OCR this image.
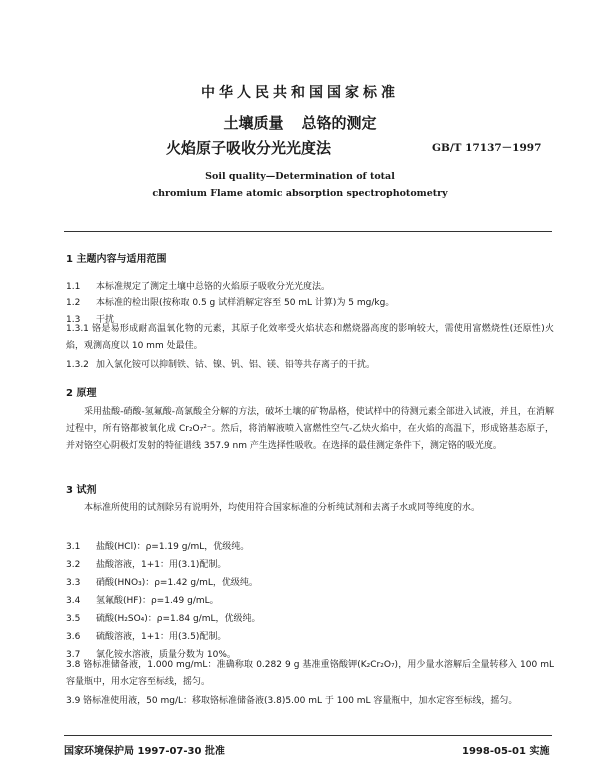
中华人民共和国国家标准
土壤质量 总铬的测定
火焰原子吸收分光光度法	GB/T 17137－1997
Soil quality—Determination of total
chromium Flame atomic absorption spectrophotometry
1 主题内容与适用范围
1.1 本标准规定了测定土壤中总铬的火焰原子吸收分光光度法。
1.2 本标准的检出限(按称取 0.5 g 试样消解定容至 50 mL 计算)为 5 mg/kg。
1.3 干扰
1.3.1 铬是易形成耐高温氧化物的元素，其原子化效率受火焰状态和燃烧器高度的影响较大，需使用富燃烧性(还原性)火焰，观测高度以 10 mm 处最佳。
1.3.2 加入氯化铵可以抑制铁、钴、镍、钒、铝、镁、铅等共存离子的干扰。
2 原理
采用盐酸-硝酸-氢氟酸-高氯酸全分解的方法，破坏土壤的矿物晶格，使试样中的待测元素全部进入试液，并且，在消解过程中，所有铬都被氧化成 Cr₂O₇²⁻。然后，将消解液喷入富燃性空气-乙炔火焰中，在火焰的高温下，形成铬基态原子，并对铬空心阴极灯发射的特征谱线 357.9 nm 产生选择性吸收。在选择的最佳测定条件下，测定铬的吸光度。
3 试剂
本标准所使用的试剂除另有说明外，均使用符合国家标准的分析纯试剂和去离子水或同等纯度的水。
3.1 盐酸(HCl)：ρ=1.19 g/mL，优级纯。
3.2 盐酸溶液，1+1：用(3.1)配制。
3.3 硝酸(HNO₃)：ρ=1.42 g/mL，优级纯。
3.4 氢氟酸(HF)：ρ=1.49 g/mL。
3.5 硫酸(H₂SO₄)：ρ=1.84 g/mL，优级纯。
3.6 硫酸溶液，1+1：用(3.5)配制。
3.7 氯化铵水溶液，质量分数为 10%。
3.8 铬标准储备液，1.000 mg/mL：准确称取 0.282 9 g 基准重铬酸钾(K₂Cr₂O₇)，用少量水溶解后全量转移入 100 mL 容量瓶中，用水定容至标线，摇匀。
3.9 铬标准使用液，50 mg/L：移取铬标准储备液(3.8)5.00 mL 于 100 mL 容量瓶中，加水定容至标线，摇匀。
国家环境保护局 1997-07-30 批准	1998-05-01 实施
